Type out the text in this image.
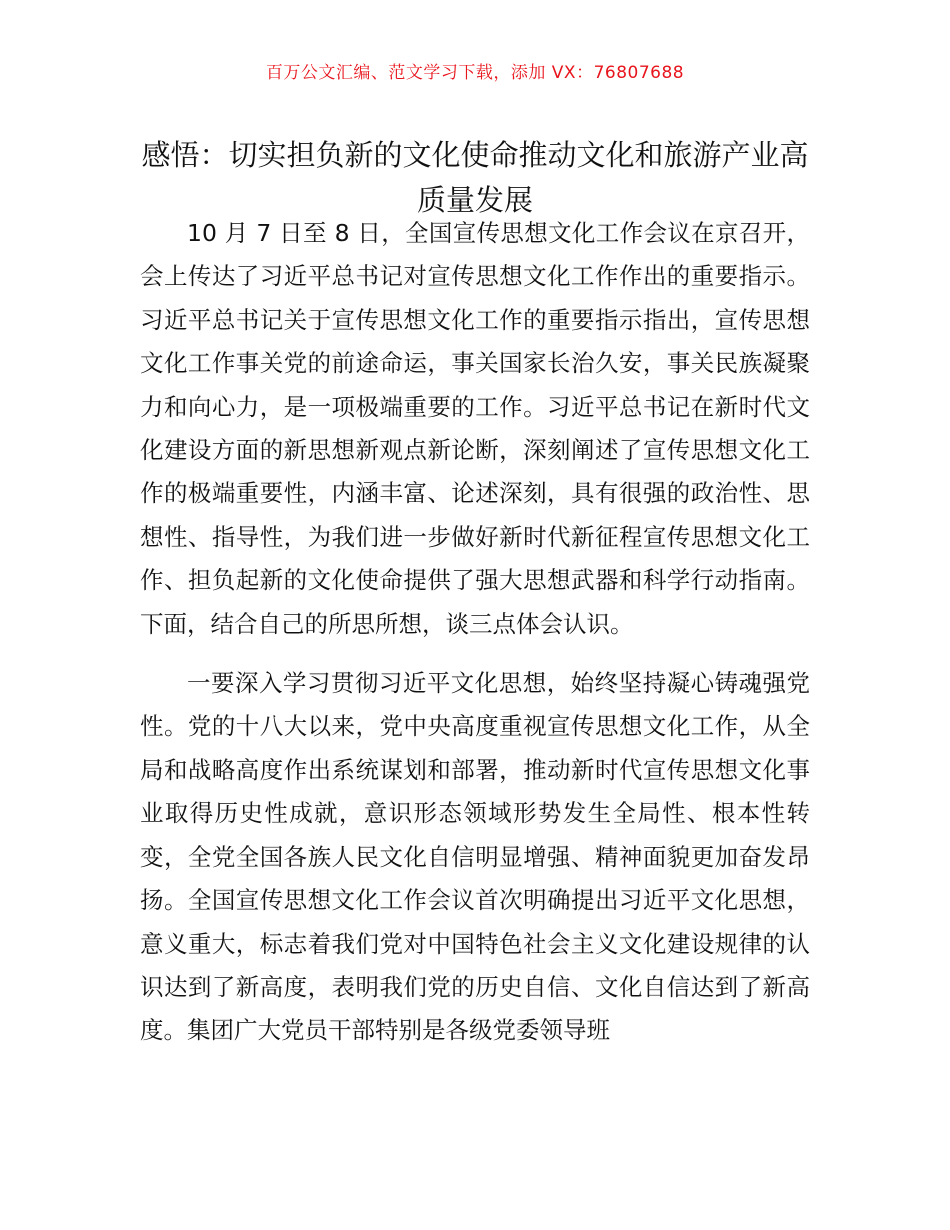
百万公文汇编、范文学习下载，添加 VX：76807688
感悟：切实担负新的文化使命推动文化和旅游产业高质量发展

10 月 7 日至 8 日，全国宣传思想文化工作会议在京召开，会上传达了习近平总书记对宣传思想文化工作作出的重要指示。习近平总书记关于宣传思想文化工作的重要指示指出，宣传思想文化工作事关党的前途命运，事关国家长治久安，事关民族凝聚力和向心力，是一项极端重要的工作。习近平总书记在新时代文化建设方面的新思想新观点新论断，深刻阐述了宣传思想文化工作的极端重要性，内涵丰富、论述深刻，具有很强的政治性、思想性、指导性，为我们进一步做好新时代新征程宣传思想文化工作、担负起新的文化使命提供了强大思想武器和科学行动指南。下面，结合自己的所思所想，谈三点体会认识。

一要深入学习贯彻习近平文化思想，始终坚持凝心铸魂强党性。党的十八大以来，党中央高度重视宣传思想文化工作，从全局和战略高度作出系统谋划和部署，推动新时代宣传思想文化事业取得历史性成就，意识形态领域形势发生全局性、根本性转变，全党全国各族人民文化自信明显增强、精神面貌更加奋发昂扬。全国宣传思想文化工作会议首次明确提出习近平文化思想，意义重大，标志着我们党对中国特色社会主义文化建设规律的认识达到了新高度，表明我们党的历史自信、文化自信达到了新高度。集团广大党员干部特别是各级党委领导班
